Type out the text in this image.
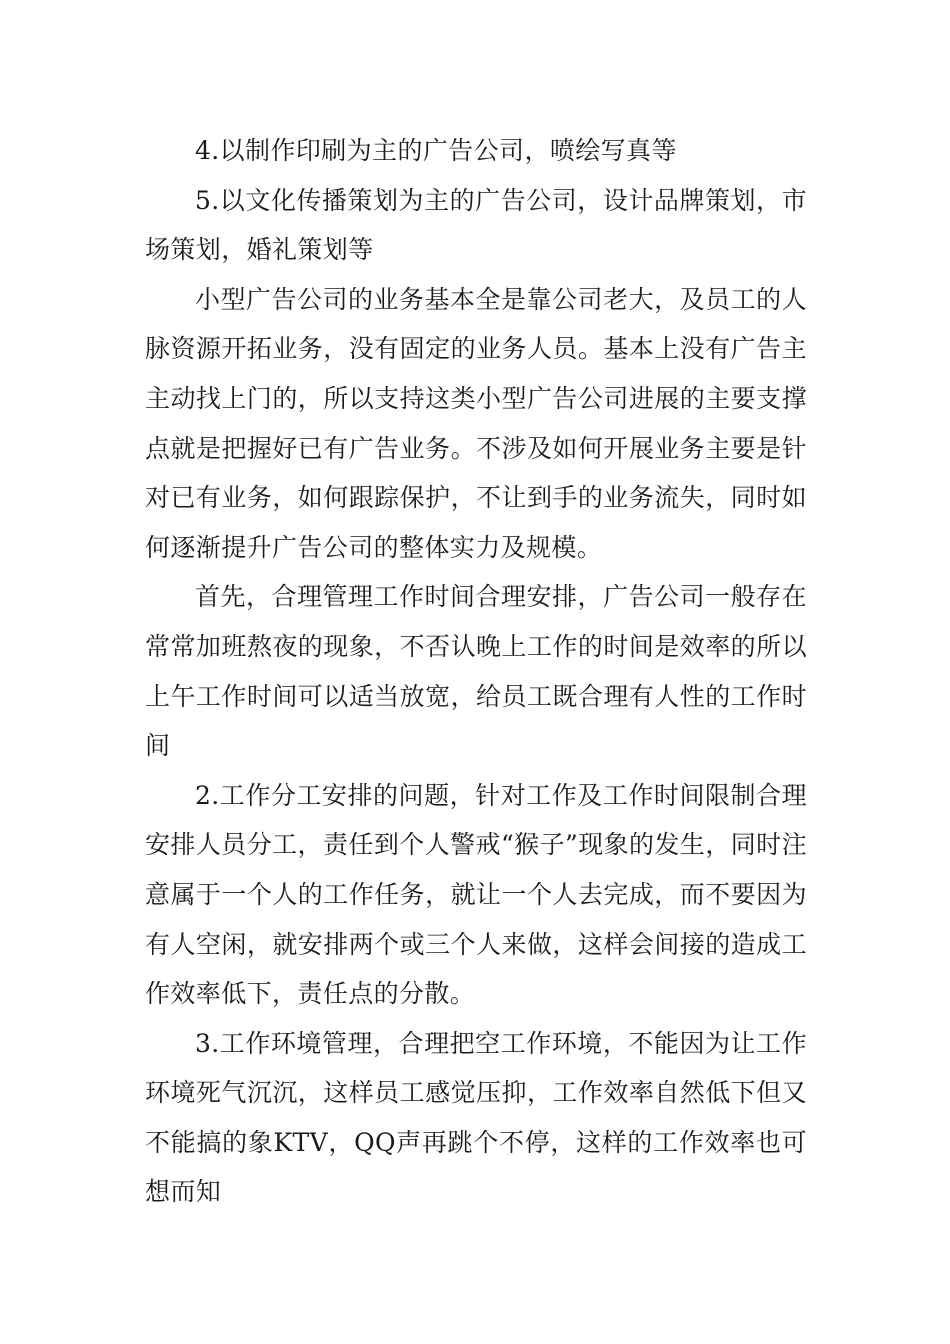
4.以制作印刷为主的广告公司，喷绘写真等

5.以文化传播策划为主的广告公司，设计品牌策划，市场策划，婚礼策划等

小型广告公司的业务基本全是靠公司老大，及员工的人脉资源开拓业务，没有固定的业务人员。基本上没有广告主主动找上门的，所以支持这类小型广告公司进展的主要支撑点就是把握好已有广告业务。不涉及如何开展业务主要是针对已有业务，如何跟踪保护，不让到手的业务流失，同时如何逐渐提升广告公司的整体实力及规模。

首先，合理管理工作时间合理安排，广告公司一般存在常常加班熬夜的现象，不否认晚上工作的时间是效率的所以上午工作时间可以适当放宽，给员工既合理有人性的工作时间

2.工作分工安排的问题，针对工作及工作时间限制合理安排人员分工，责任到个人警戒“猴子”现象的发生，同时注意属于一个人的工作任务，就让一个人去完成，而不要因为有人空闲，就安排两个或三个人来做，这样会间接的造成工作效率低下，责任点的分散。

3.工作环境管理，合理把空工作环境，不能因为让工作环境死气沉沉，这样员工感觉压抑，工作效率自然低下但又不能搞的象KTV，QQ声再跳个不停，这样的工作效率也可想而知
